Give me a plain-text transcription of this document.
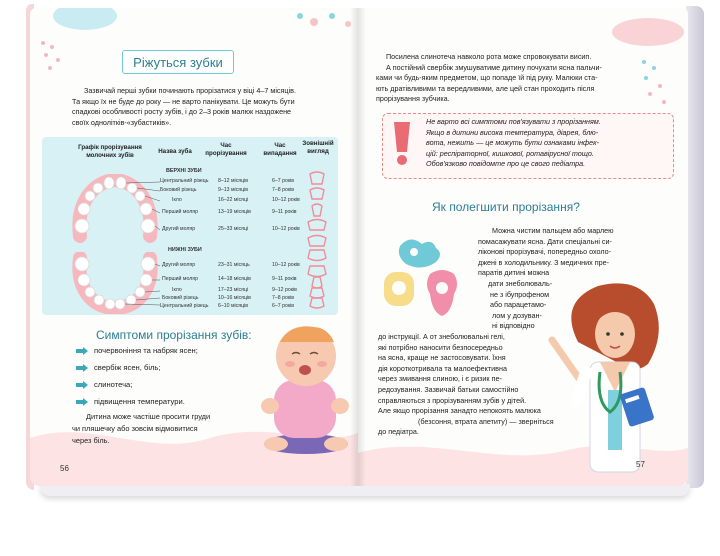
Ріжуться зубки
Зазвичай перші зубки починають прорізатися у віці 4–7 місяців.
Та якщо їх не буде до року — не варто панікувати. Це можуть бути
спадкові особливості росту зубів, і до 2–3 років малюк наздожене
своїх однолітків-«зубастиків».
Графік прорізування
молочних зубів	Назва зуба
Час
прорізування
Час
випадання
Зовнішній
вигляд
ВЕРХНІ ЗУБИ
Центральний різець 8–12 місяців	6–7 років
Боковий різець	9–13 місяців	7–8 років
Ікло	16–22 місяці	10–12 років
Перший моляр	13–19 місяців	9–11 років
Другий моляр	25–33 місяці	10–12 років
НИЖНІ ЗУБИ
Другий моляр	23–31 місяць	10–12 років
Перший моляр	14–18 місяців	9–11 років
Ікло	17–23 місяці	9–12 років
Боковий різець	10–16 місяців	7–8 років
Центральний різець 6–10 місяців	6–7 років
Симптоми прорізання зубів:
почервоніння та набряк ясен;
свербіж ясен, біль;
слинотеча;
підвищення температури.
Дитина може частіше просити груди
чи пляшечку або зовсім відмовитися
через біль.
56
Посилена слинотеча навколо рота може спровокувати висип.
А постійний свербіж змушуватиме дитину почухати ясна пальчи-
ками чи будь-яким предметом, що попаде їй під руку. Малюки ста-
ють дратівливими та вередливими, але цей стан проходить після
прорізування зубчика.
Не варто всі симптоми пов'язувати з прорізанням.
Якщо в дитини висока температура, діарея, блю-
вота, нежить — це можуть бути ознаками інфек-
цій: респіраторної, кишкової, ротавірусної тощо.
Обов'язково повідомте про це свого педіатра.
Як полегшити прорізання?
Можна чистим пальцем або марлею
помасажувати ясна. Дати спеціальні си-
ліконові прорізувачі, попередньо охоло-
джені в холодильнику. З медичних пре-
паратів дитині можна
дати знеболюваль-
не з ібупрофеном
або парацетамо-
лом у дозуван-
ні відповідно
до інструкції. А от знеболювальні гелі,
які потрібно наносити безпосередньо
на ясна, краще не застосовувати. Їхня
дія короткотривала та малоефективна
через змивання слиною, і є ризик пе-
редозування. Зазвичай батьки самостійно
справляються з прорізуванням зубів у дітей.
Але якщо прорізання занадто непокоять малюка
(безсоння, втрата апетиту) — зверніться
до педіатра.
57
